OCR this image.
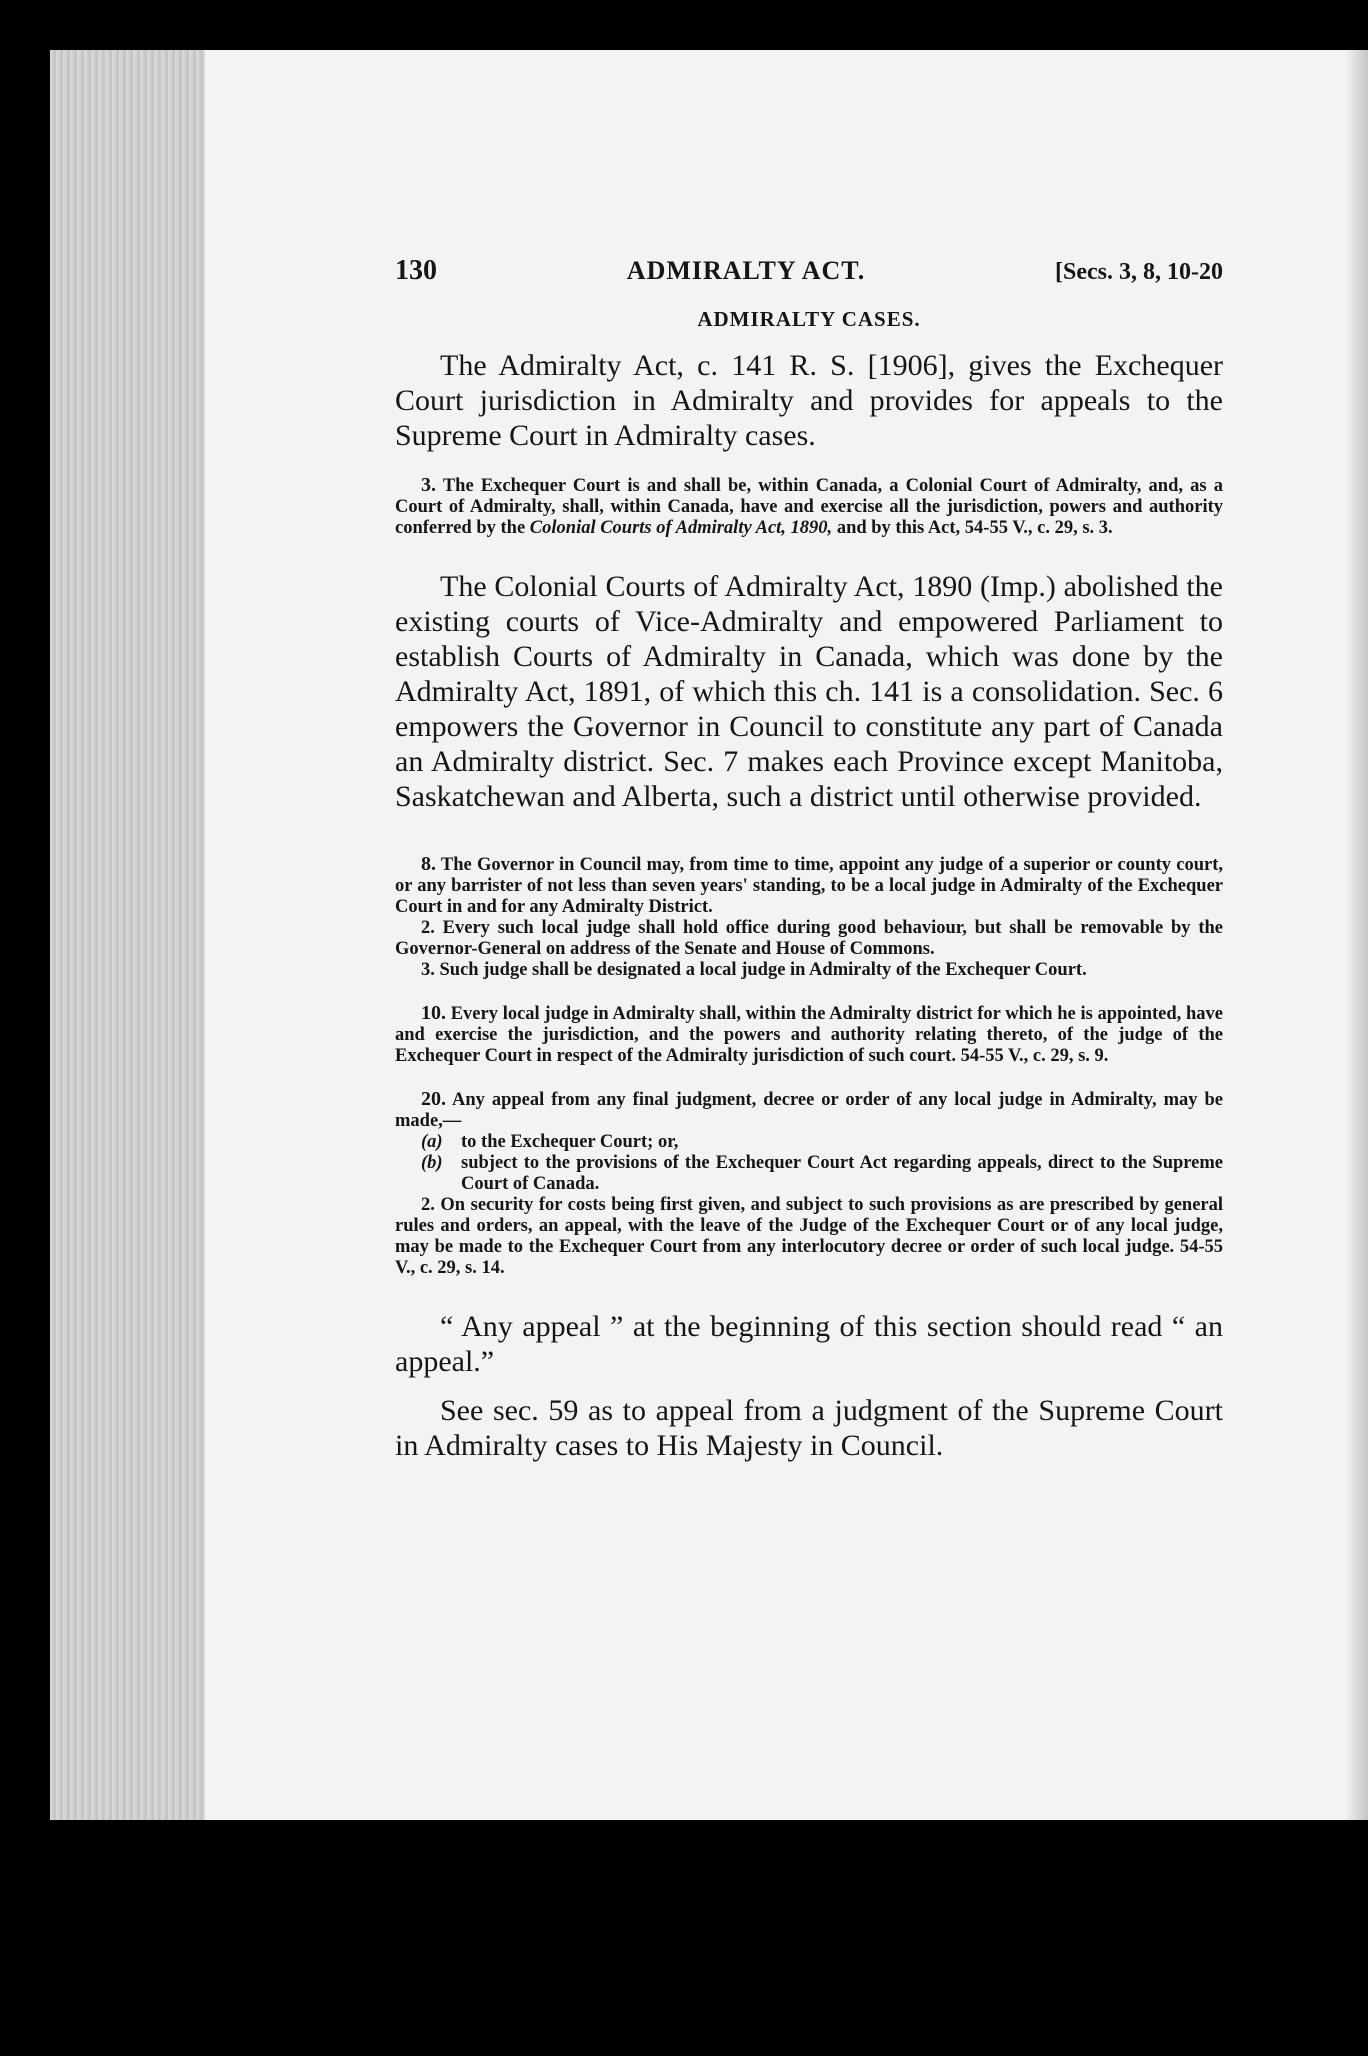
130	ADMIRALTY ACT.	[Secs. 3, 8, 10-20
ADMIRALTY CASES.

The Admiralty Act, c. 141 R. S. [1906], gives the Exchequer Court jurisdiction in Admiralty and provides for appeals to the Supreme Court in Admiralty cases.

3. The Exchequer Court is and shall be, within Canada, a Colonial Court of Admiralty, and, as a Court of Admiralty, shall, within Canada, have and exercise all the jurisdiction, powers and authority conferred by the Colonial Courts of Admiralty Act, 1890, and by this Act, 54-55 V., c. 29, s. 3.

The Colonial Courts of Admiralty Act, 1890 (Imp.) abolished the existing courts of Vice-Admiralty and empowered Parliament to establish Courts of Admiralty in Canada, which was done by the Admiralty Act, 1891, of which this ch. 141 is a consolidation. Sec. 6 empowers the Governor in Council to constitute any part of Canada an Admiralty district. Sec. 7 makes each Province except Manitoba, Saskatchewan and Alberta, such a district until otherwise provided.

8. The Governor in Council may, from time to time, appoint any judge of a superior or county court, or any barrister of not less than seven years' standing, to be a local judge in Admiralty of the Exchequer Court in and for any Admiralty District.
2. Every such local judge shall hold office during good behaviour, but shall be removable by the Governor-General on address of the Senate and House of Commons.
3. Such judge shall be designated a local judge in Admiralty of the Exchequer Court.
10. Every local judge in Admiralty shall, within the Admiralty district for which he is appointed, have and exercise the jurisdiction, and the powers and authority relating thereto, of the judge of the Exchequer Court in respect of the Admiralty jurisdiction of such court. 54-55 V., c. 29, s. 9.
20. Any appeal from any final judgment, decree or order of any local judge in Admiralty, may be made,—
(a) to the Exchequer Court; or,
(b) subject to the provisions of the Exchequer Court Act regarding appeals, direct to the Supreme Court of Canada.
2. On security for costs being first given, and subject to such provisions as are prescribed by general rules and orders, an appeal, with the leave of the Judge of the Exchequer Court or of any local judge, may be made to the Exchequer Court from any interlocutory decree or order of such local judge. 54-55 V., c. 29, s. 14.

“ Any appeal ” at the beginning of this section should read “ an appeal.”

See sec. 59 as to appeal from a judgment of the Supreme Court in Admiralty cases to His Majesty in Council.
